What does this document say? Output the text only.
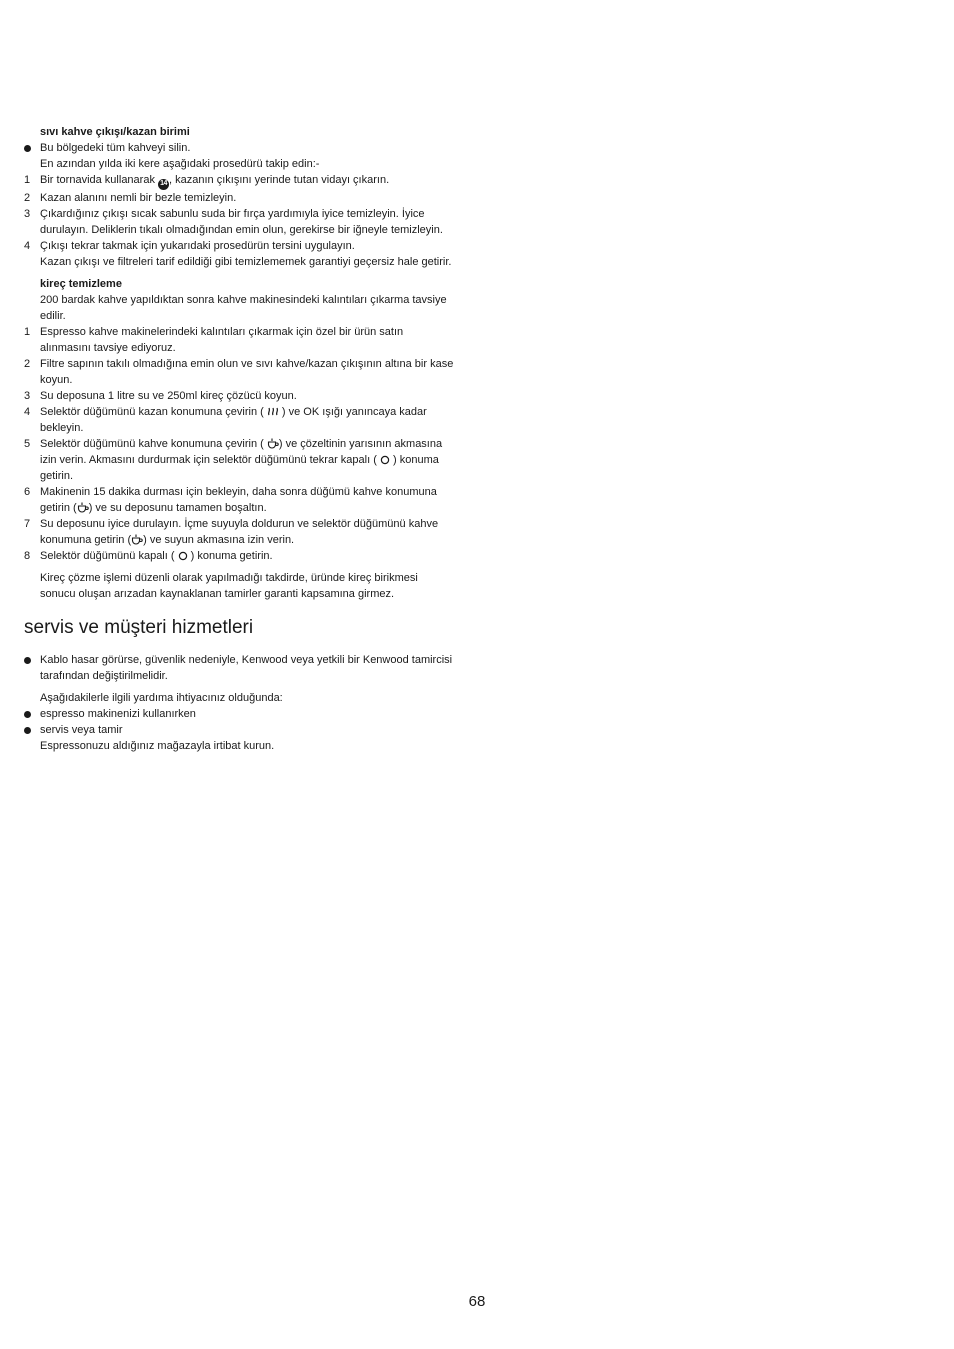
sıvı kahve çıkışı/kazan birimi
Bu bölgedeki tüm kahveyi silin.
En azından yılda iki kere aşağıdaki prosedürü takip edin:-
1 Bir tornavida kullanarak 14 , kazanın çıkışını yerinde tutan vidayı çıkarın.
2 Kazan alanını nemli bir bezle temizleyin.
3 Çıkardığınız çıkışı sıcak sabunlu suda bir fırça yardımıyla iyice temizleyin. İyice durulayın. Deliklerin tıkalı olmadığından emin olun, gerekirse bir iğneyle temizleyin.
4 Çıkışı tekrar takmak için yukarıdaki prosedürün tersini uygulayın.
Kazan çıkışı ve filtreleri tarif edildiği gibi temizlememek garantiyi geçersiz hale getirir.
kireç temizleme
200 bardak kahve yapıldıktan sonra kahve makinesindeki kalıntıları çıkarma tavsiye edilir.
1 Espresso kahve makinelerindeki kalıntıları çıkarmak için özel bir ürün satın alınmasını tavsiye ediyoruz.
2 Filtre sapının takılı olmadığına emin olun ve sıvı kahve/kazan çıkışının altına bir kase koyun.
3 Su deposuna 1 litre su ve 250ml kireç çözücü koyun.
4 Selektör düğümünü kazan konumuna çevirin (  ) ve OK ışığı yanıncaya kadar bekleyin.
5 Selektör düğümünü kahve konumuna çevirin ( ) ve çözeltinin yarısının akmasına izin verin. Akmasını durdurmak için selektör düğümünü tekrar kapalı (  ) konuma getirin.
6 Makinenin 15 dakika durması için bekleyin, daha sonra düğümü kahve konumuna getirin ( ) ve su deposunu tamamen boşaltın.
7 Su deposunu iyice durulayın. İçme suyuyla doldurun ve selektör düğümünü kahve konumuna getirin ( ) ve suyun akmasına izin verin.
8 Selektör düğümünü kapalı (  ) konuma getirin.
Kireç çözme işlemi düzenli olarak yapılmadığı takdirde, üründe kireç birikmesi sonucu oluşan arızadan kaynaklanan tamirler garanti kapsamına girmez.
servis ve müşteri hizmetleri
Kablo hasar görürse, güvenlik nedeniyle, Kenwood veya yetkili bir Kenwood tamircisi tarafından değiştirilmelidir.
Aşağıdakilerle ilgili yardıma ihtiyacınız olduğunda:
espresso makinenizi kullanırken
servis veya tamir
Espressonuzu aldığınız mağazayla irtibat kurun.
68
